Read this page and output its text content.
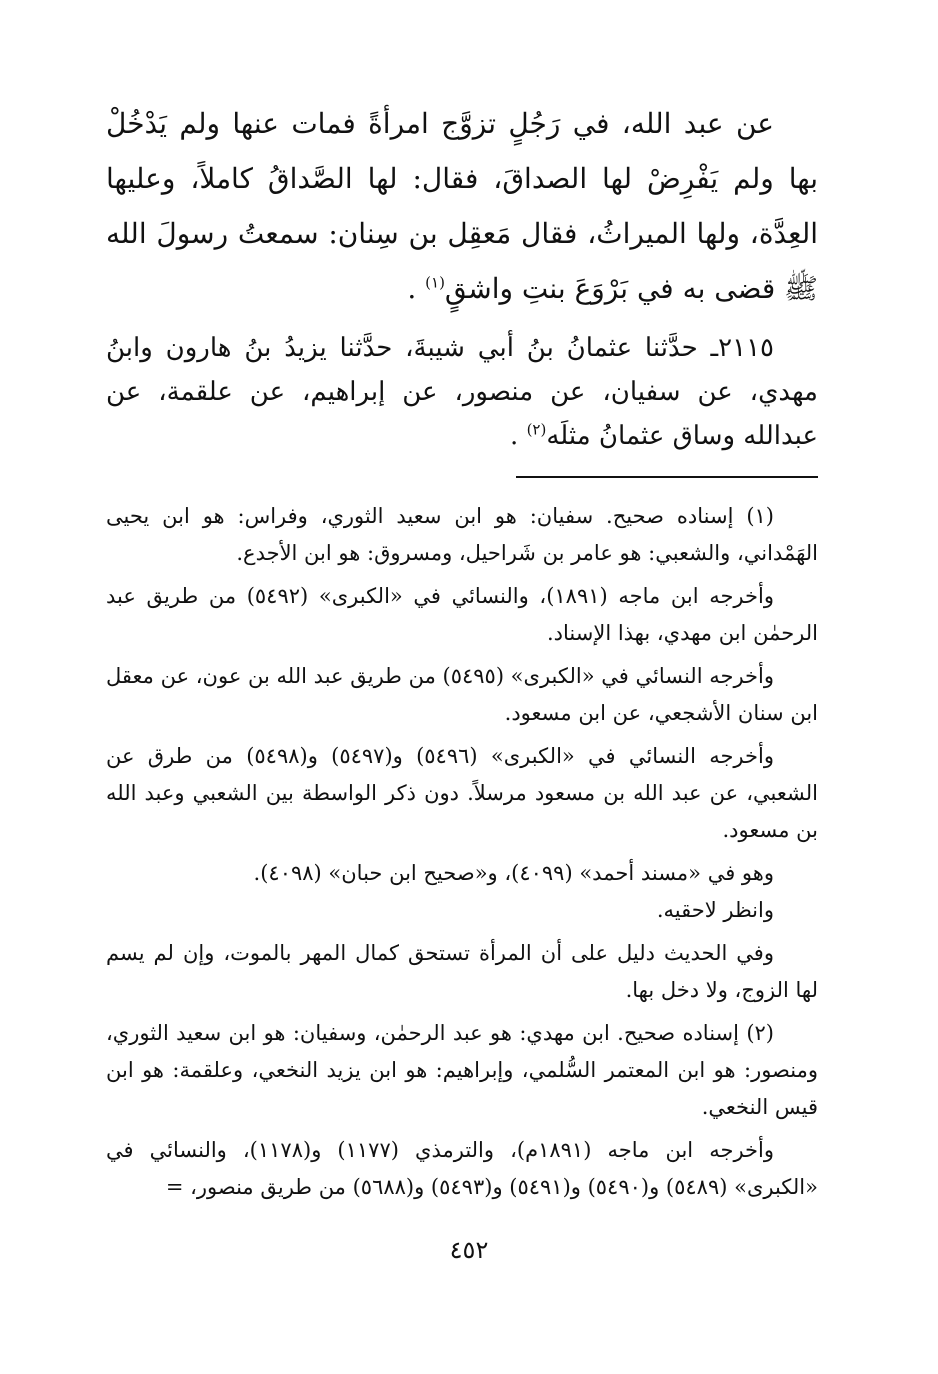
عن عبد الله، في رَجُلٍ تزوَّج امرأةً فمات عنها ولم يَدْخُلْ بها ولم يَفْرِضْ لها الصداقَ، فقال: لها الصَّداقُ كاملاً، وعليها العِدَّة، ولها الميراثُ، فقال مَعقِل بن سِنان: سمعتُ رسولَ الله ﷺ قضى به في بَرْوَعَ بنتِ واشقٍ$^{(١)}$ .

٢١١٥ـ حدَّثنا عثمانُ بنُ أبي شيبةَ، حدَّثنا يزيدُ بنُ هارون وابنُ مهدي، عن سفيان، عن منصور، عن إبراهيم، عن علقمة، عن عبدالله وساق عثمانُ مثلَه$^{(٢)}$ .

(١) إسناده صحيح. سفيان: هو ابن سعيد الثوري، وفراس: هو ابن يحيى الهَمْداني، والشعبي: هو عامر بن شَراحيل، ومسروق: هو ابن الأجدع.

وأخرجه ابن ماجه (١٨٩١)، والنسائي في «الكبرى» (٥٤٩٢) من طريق عبد الرحمٰن ابن مهدي، بهذا الإسناد.

وأخرجه النسائي في «الكبرى» (٥٤٩٥) من طريق عبد الله بن عون، عن معقل ابن سنان الأشجعي، عن ابن مسعود.

وأخرجه النسائي في «الكبرى» (٥٤٩٦) و(٥٤٩٧) و(٥٤٩٨) من طرق عن الشعبي، عن عبد الله بن مسعود مرسلاً. دون ذكر الواسطة بين الشعبي وعبد الله بن مسعود.

وهو في «مسند أحمد» (٤٠٩٩)، و«صحيح ابن حبان» (٤٠٩٨).

وانظر لاحقيه.

وفي الحديث دليل على أن المرأة تستحق كمال المهر بالموت، وإن لم يسم لها الزوج، ولا دخل بها.

(٢) إسناده صحيح. ابن مهدي: هو عبد الرحمٰن، وسفيان: هو ابن سعيد الثوري، ومنصور: هو ابن المعتمر السُّلمي، وإبراهيم: هو ابن يزيد النخعي، وعلقمة: هو ابن قيس النخعي.

وأخرجه ابن ماجه (١٨٩١م)، والترمذي (١١٧٧) و(١١٧٨)، والنسائي في «الكبرى» (٥٤٨٩) و(٥٤٩٠) و(٥٤٩١) و(٥٤٩٣) و(٥٦٨٨) من طريق منصور، =

٤٥٢
